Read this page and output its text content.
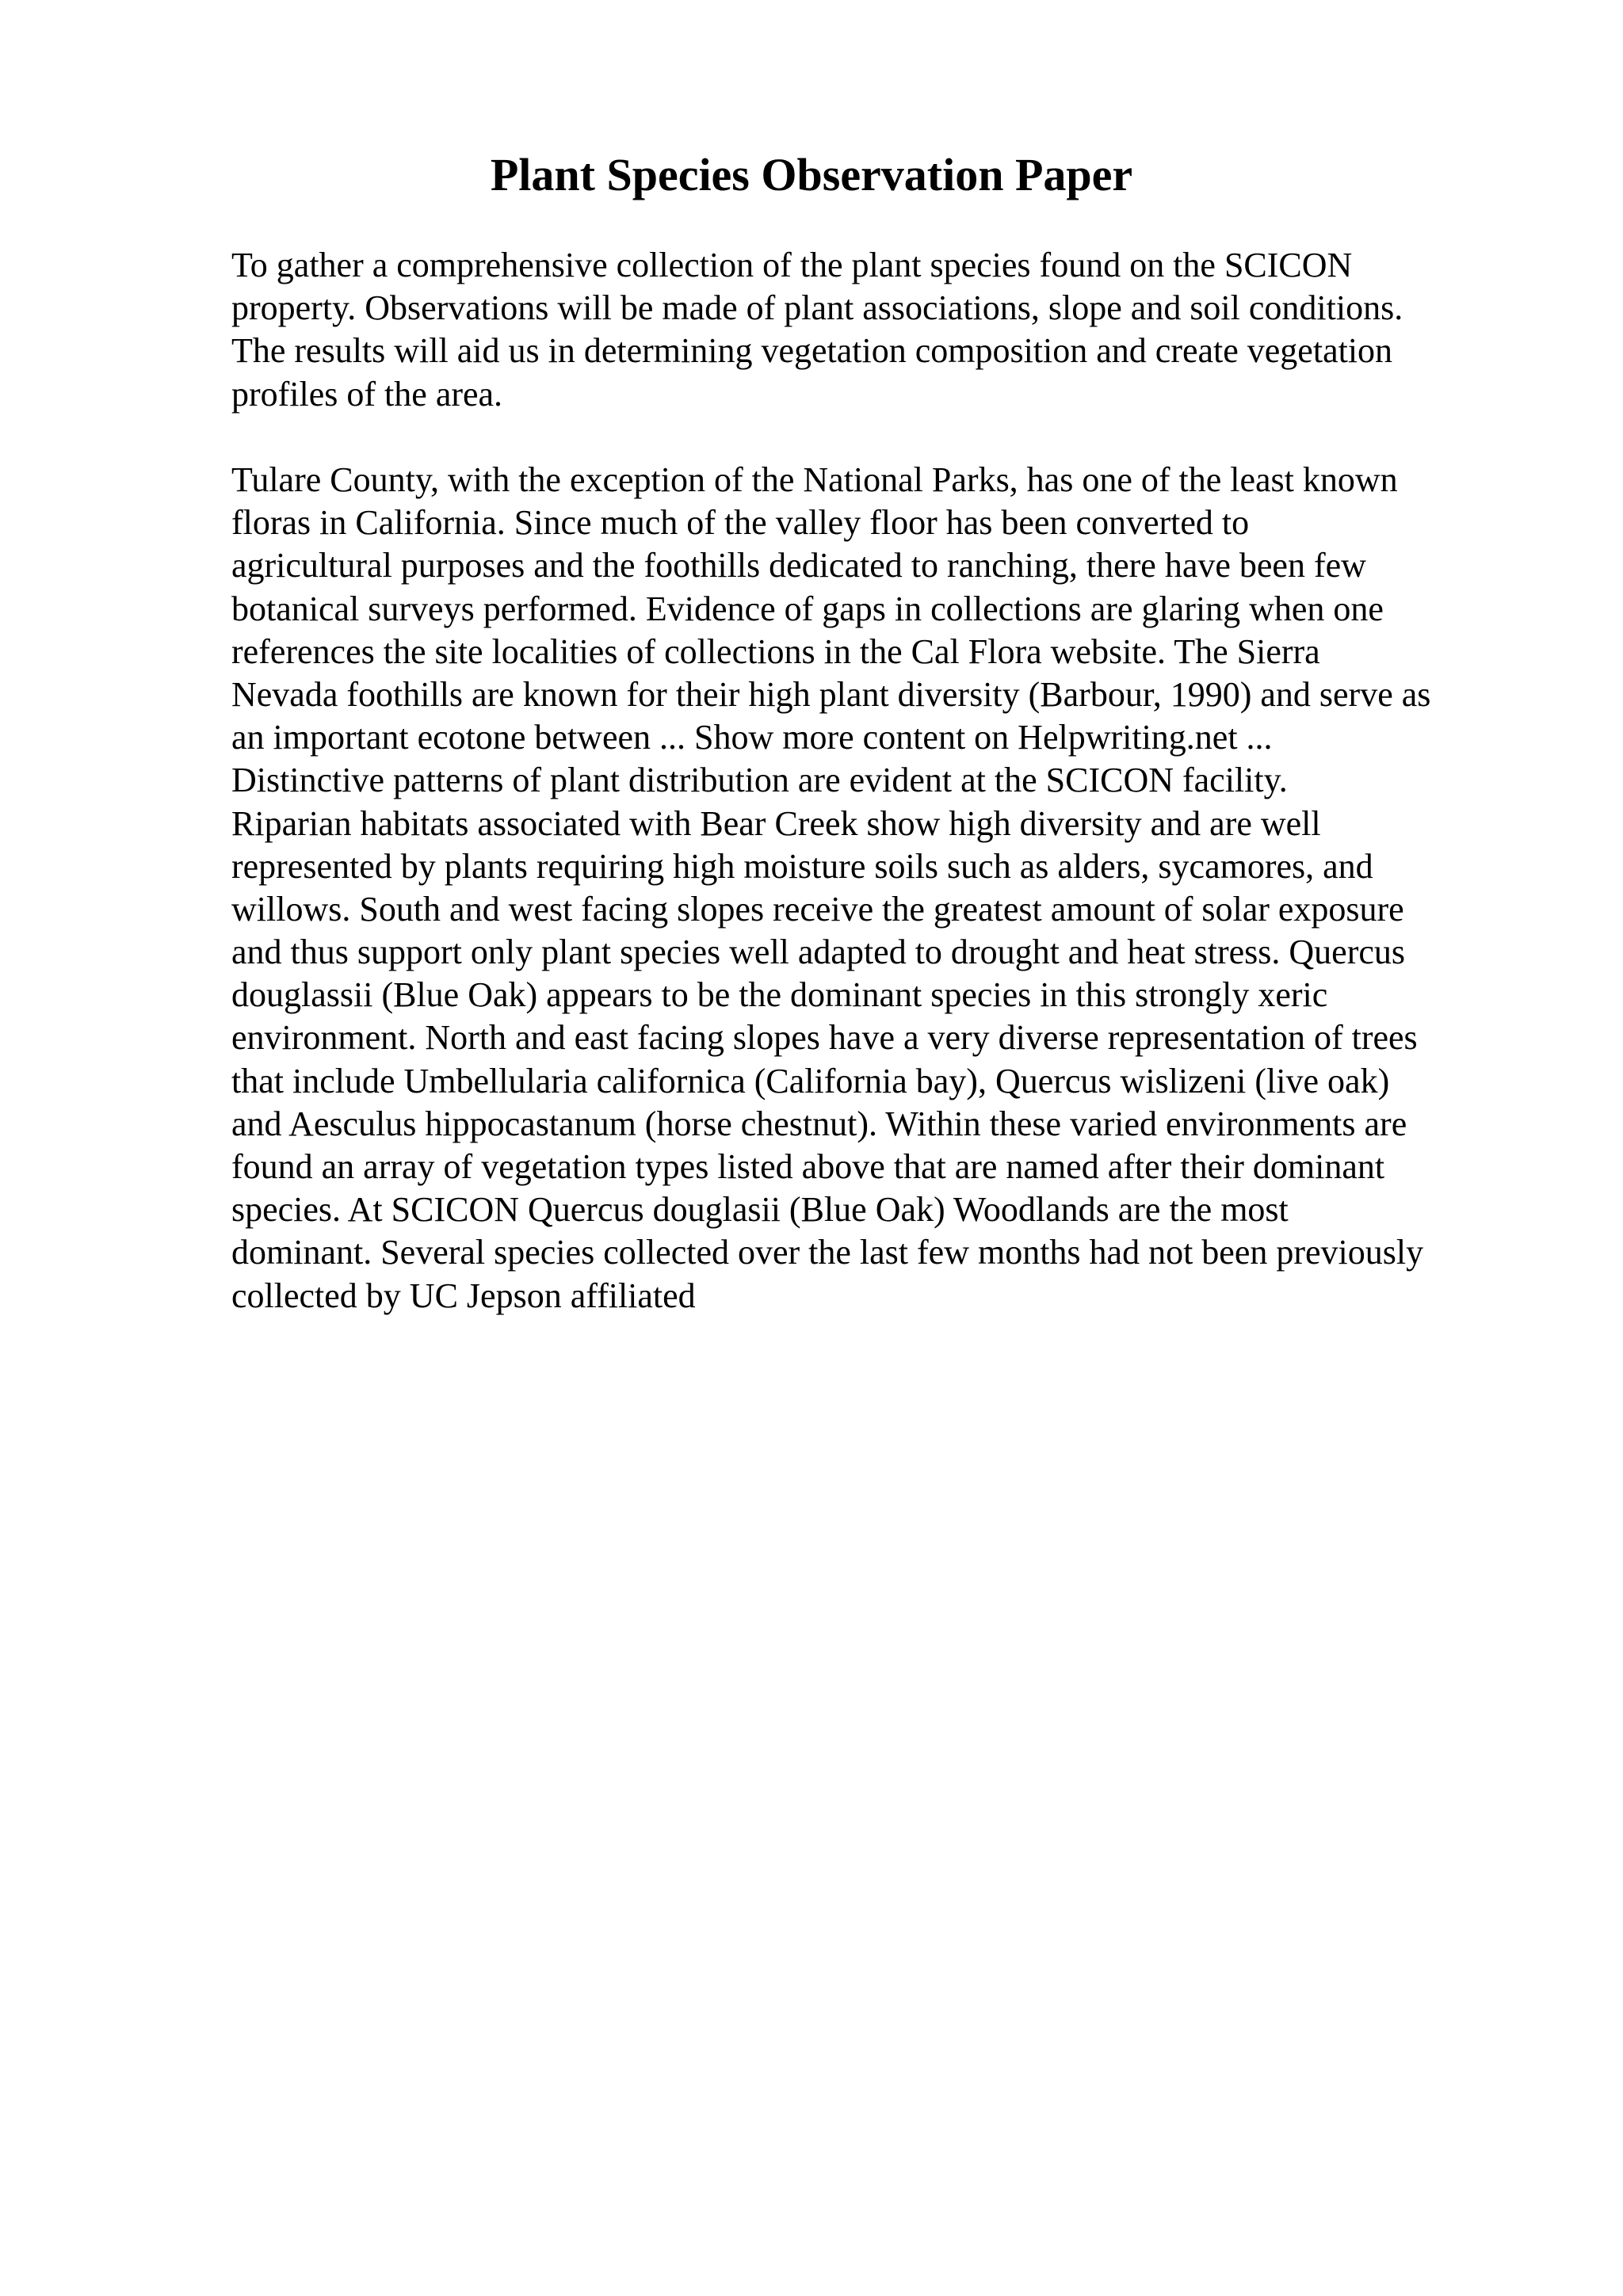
Plant Species Observation Paper

To gather a comprehensive collection of the plant species found on the SCICON
property. Observations will be made of plant associations, slope and soil conditions.
The results will aid us in determining vegetation composition and create vegetation
profiles of the area.

Tulare County, with the exception of the National Parks, has one of the least known
floras in California. Since much of the valley floor has been converted to
agricultural purposes and the foothills dedicated to ranching, there have been few
botanical surveys performed. Evidence of gaps in collections are glaring when one
references the site localities of collections in the Cal Flora website. The Sierra
Nevada foothills are known for their high plant diversity (Barbour, 1990) and serve as
an important ecotone between ... Show more content on Helpwriting.net ...
Distinctive patterns of plant distribution are evident at the SCICON facility.
Riparian habitats associated with Bear Creek show high diversity and are well
represented by plants requiring high moisture soils such as alders, sycamores, and
willows. South and west facing slopes receive the greatest amount of solar exposure
and thus support only plant species well adapted to drought and heat stress. Quercus
douglassii (Blue Oak) appears to be the dominant species in this strongly xeric
environment. North and east facing slopes have a very diverse representation of trees
that include Umbellularia californica (California bay), Quercus wislizeni (live oak)
and Aesculus hippocastanum (horse chestnut). Within these varied environments are
found an array of vegetation types listed above that are named after their dominant
species. At SCICON Quercus douglasii (Blue Oak) Woodlands are the most
dominant. Several species collected over the last few months had not been previously
collected by UC Jepson affiliated
